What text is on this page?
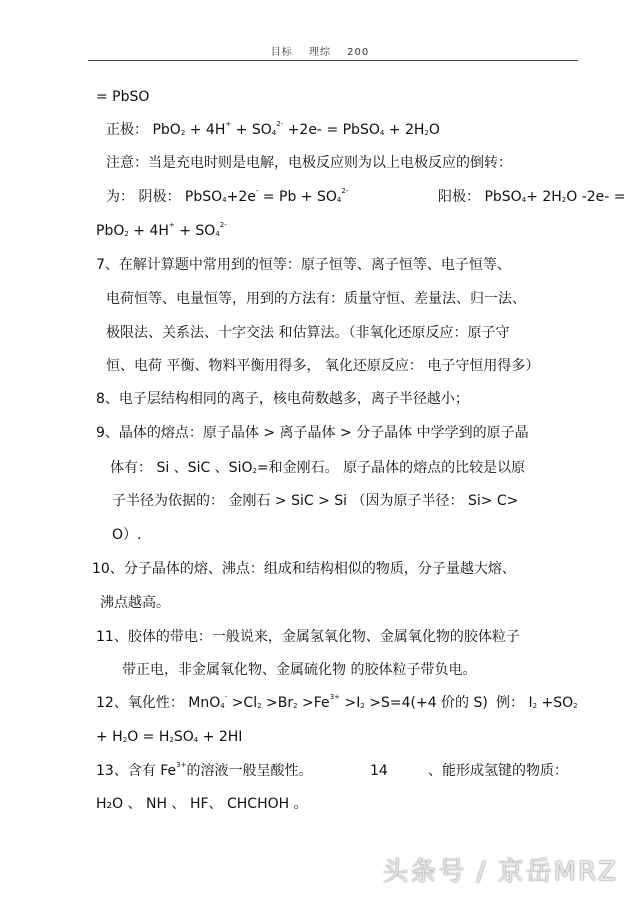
目标 理综 200
= PbSO
正极： $PbO_2 + 4H^+ + SO_4^{2-} +2e-$ = PbSO$_4$ + $2H_2O$
注意：当是充电时则是电解，电极反应则为以上电极反应的倒转：
为： 阴极： PbSO$_4$+2e- = $Pb + SO_4^{2-}$	阳极： PbSO$_4$+ $2H_2O$ -2e- =
$PbO_2 + 4H^+ + SO_4^{2-}$
7、在解计算题中常用到的恒等：原子恒等、离子恒等、电子恒等、
电荷恒等、电量恒等，用到的方法有：质量守恒、差量法、归一法、
极限法、关系法、十字交法 和估算法。（非氧化还原反应：原子守
恒、电荷 平衡、物料平衡用得多， 氧化还原反应： 电子守恒用得多）
8、电子层结构相同的离子，核电荷数越多，离子半径越小；
9、晶体的熔点：原子晶体 > 离子晶体 > 分子晶体 中学学到的原子晶
体有： Si 、SiC 、SiO$_2$=和金刚石。 原子晶体的熔点的比较是以原
子半径为依据的： 金刚石 > SiC > Si （因为原子半径： Si> C>
O）.
10、分子晶体的熔、沸点：组成和结构相似的物质，分子量越大熔、
沸点越高。
11、胶体的带电：一般说来，金属氢氧化物、金属氧化物的胶体粒子
带正电，非金属氧化物、金属硫化物 的胶体粒子带负电。
12、氧化性： $MnO_4^- >Cl_2 >Br_2 >Fe^{3+} >I_2 >S=4(+4$ 价的 S) 例： $I_2 +SO_2$
+ $H_2O = H_2SO_4 + 2HI$
13、含有 $Fe^{3+}$的溶液一般呈酸性。	14	、能形成氢键的物质：
H₂O 、 NH 、 HF、 CHCHOH 。
头条号 / 京岳MRZ
